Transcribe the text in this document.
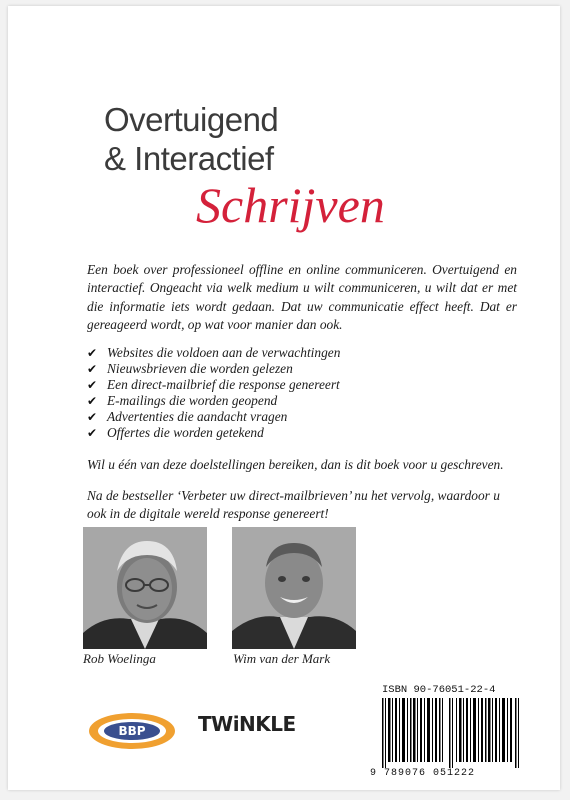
Overtuigend
& Interactief
Schrijven
Een boek over professioneel offline en online communiceren. Overtuigend en interactief. Ongeacht via welk medium u wilt communiceren, u wilt dat er met die informatie iets wordt gedaan. Dat uw communicatie effect heeft. Dat er gereageerd wordt, op wat voor manier dan ook.
✔ Websites die voldoen aan de verwachtingen
✔ Nieuwsbrieven die worden gelezen
✔ Een direct-mailbrief die response genereert
✔ E-mailings die worden geopend
✔ Advertenties die aandacht vragen
✔ Offertes die worden getekend
Wil u één van deze doelstellingen bereiken, dan is dit boek voor u geschreven.
Na de bestseller ‘Verbeter uw direct-mailbrieven’ nu het vervolg, waardoor u ook in de digitale wereld response genereert!
Rob Woelinga	Wim van der Mark
BBP	TWiNKLE
ISBN 90-76051-22-4
9 789076 051222
